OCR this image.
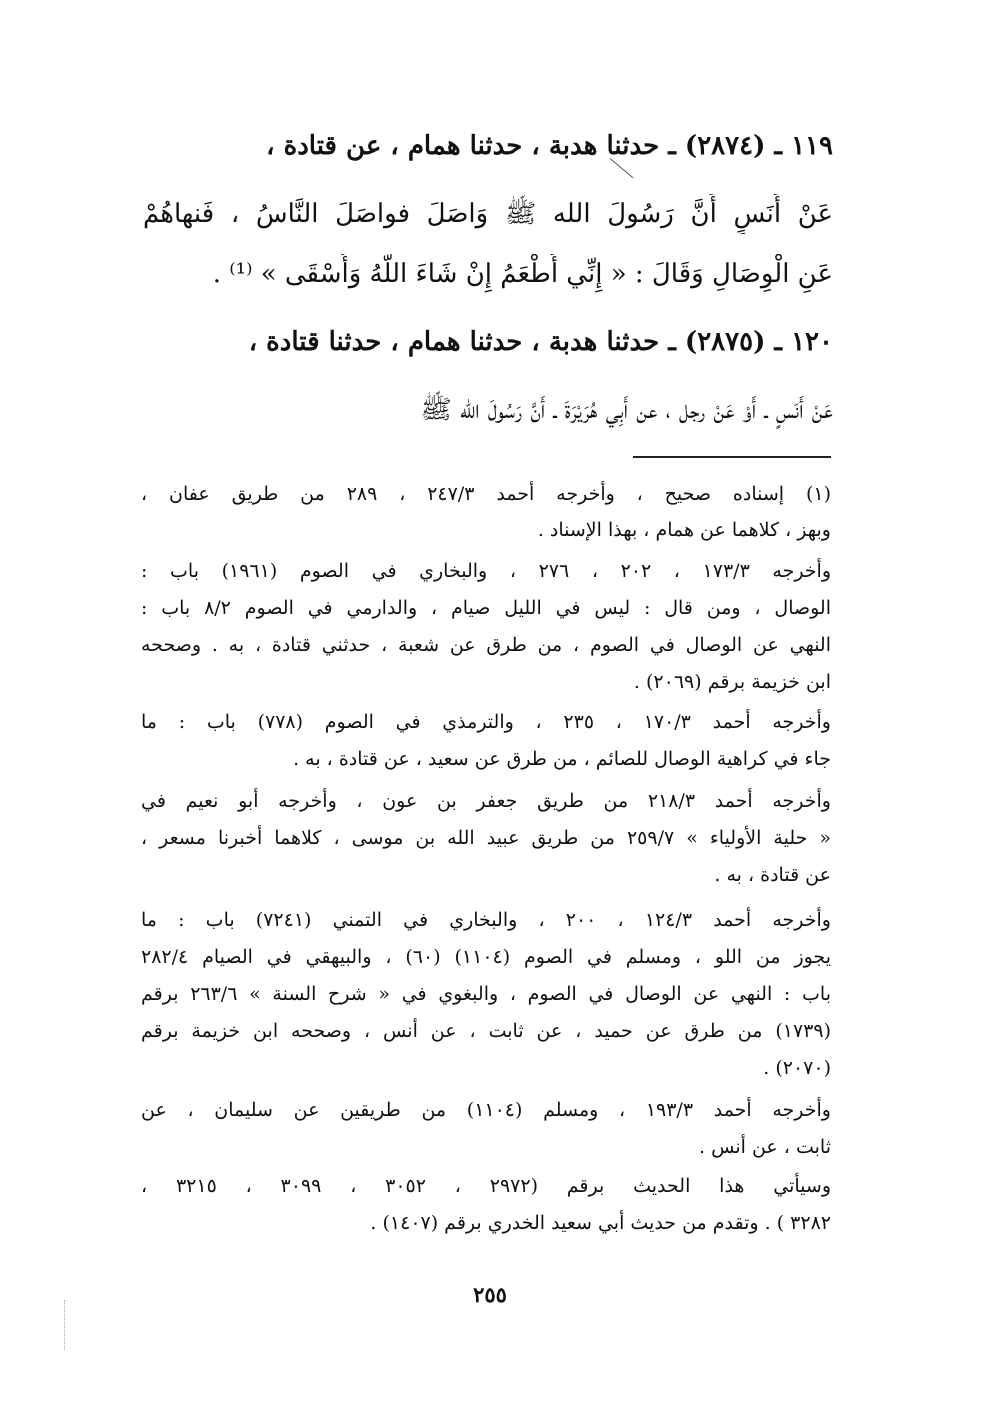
١١٩ ـ (٢٨٧٤) ـ حدثنا هدبة ، حدثنا همام ، عن قتادة ،
عَنْ أَنَسٍ أَنَّ رَسُولَ الله ﷺ وَاصَلَ فواصَلَ النَّاسُ ، فَنهاهُمْ
عَنِ الْوِصَالِ وَقَالَ : « إِنِّي أُطْعَمُ إِنْ شَاءَ اللَّهُ وَأُسْقَى » ⁽¹⁾ .
١٢٠ ـ (٢٨٧٥) ـ حدثنا هدبة ، حدثنا همام ، حدثنا قتادة ،
عَنْ أَنَسٍ ـ أَوْ عَنْ رجل ، عن أَبِي هُرَيْرَةَ ـ أَنَّ رَسُولَ الله ﷺ
(١) إسناده صحيح ، وأخرجه أحمد ٢٤٧/٣ ، ٢٨٩ من طريق عفان ،
وبهز ، كلاهما عن همام ، بهذا الإسناد .
وأخرجه ١٧٣/٣ ، ٢٠٢ ، ٢٧٦ ، والبخاري في الصوم (١٩٦١) باب :
الوصال ، ومن قال : ليس في الليل صيام ، والدارمي في الصوم ٨/٢ باب :
النهي عن الوصال في الصوم ، من طرق عن شعبة ، حدثني قتادة ، به . وصححه
ابن خزيمة برقم (٢٠٦٩) .
وأخرجه أحمد ١٧٠/٣ ، ٢٣٥ ، والترمذي في الصوم (٧٧٨) باب : ما
جاء في كراهية الوصال للصائم ، من طرق عن سعيد ، عن قتادة ، به .
وأخرجه أحمد ٢١٨/٣ من طريق جعفر بن عون ، وأخرجه أبو نعيم في
« حلية الأولياء » ٢٥٩/٧ من طريق عبيد الله بن موسى ، كلاهما أخبرنا مسعر ،
عن قتادة ، به .
وأخرجه أحمد ١٢٤/٣ ، ٢٠٠ ، والبخاري في التمني (٧٢٤١) باب : ما
يجوز من اللو ، ومسلم في الصوم (١١٠٤) (٦٠) ، والبيهقي في الصيام ٢٨٢/٤
باب : النهي عن الوصال في الصوم ، والبغوي في « شرح السنة » ٢٦٣/٦ برقم
(١٧٣٩) من طرق عن حميد ، عن ثابت ، عن أنس ، وصححه ابن خزيمة برقم
(٢٠٧٠) .
وأخرجه أحمد ١٩٣/٣ ، ومسلم (١١٠٤) من طريقين عن سليمان ، عن
ثابت ، عن أنس .
وسيأتي هذا الحديث برقم (٢٩٧٢ ، ٣٠٥٢ ، ٣٠٩٩ ، ٣٢١٥ ،
٣٢٨٢ ) . وتقدم من حديث أبي سعيد الخدري برقم (١٤٠٧) .
٢٥٥
